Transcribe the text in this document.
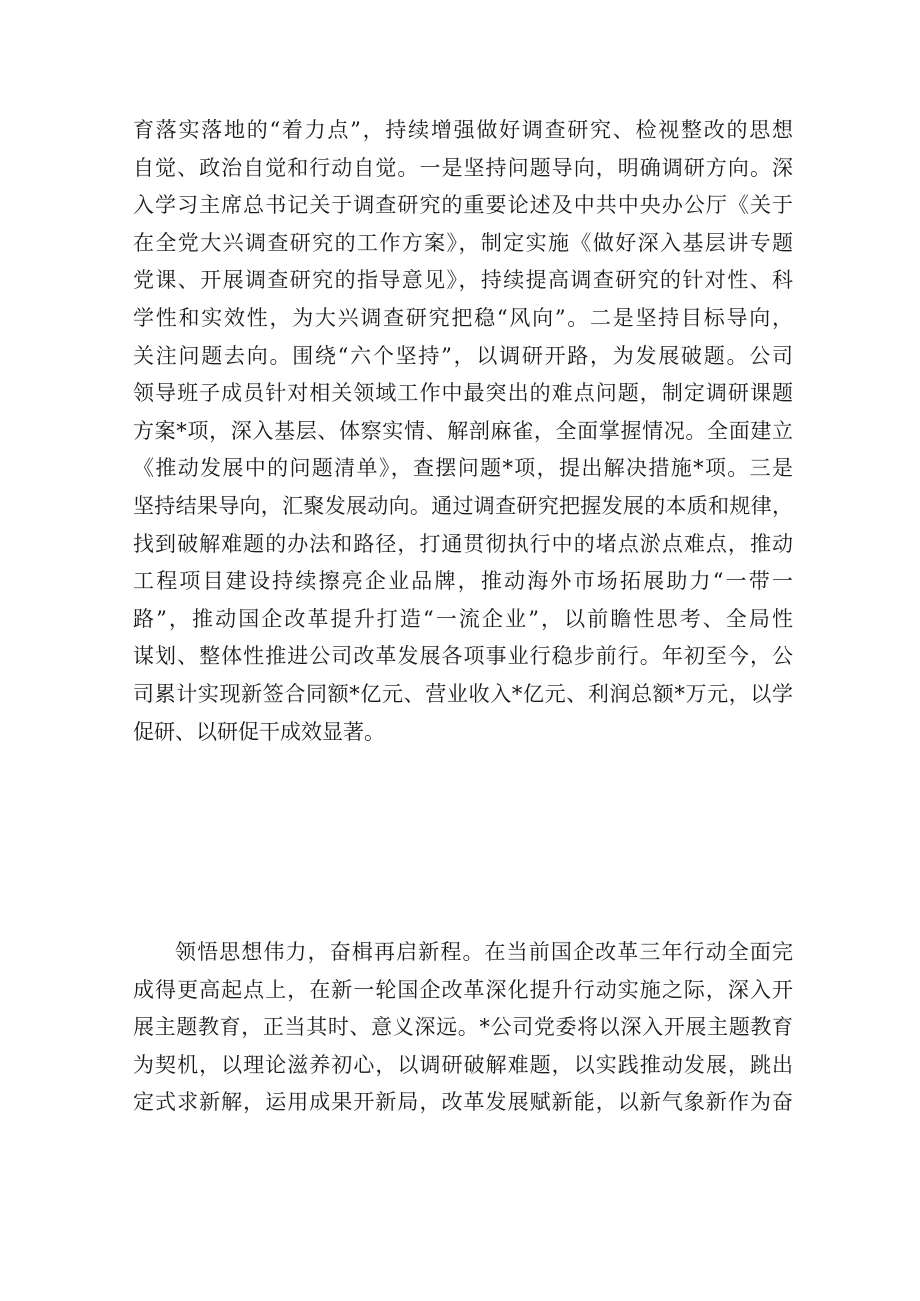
育落实落地的“着力点”，持续增强做好调查研究、检视整改的思想
自觉、政治自觉和行动自觉。一是坚持问题导向，明确调研方向。深
入学习主席总书记关于调查研究的重要论述及中共中央办公厅《关于
在全党大兴调查研究的工作方案》，制定实施《做好深入基层讲专题
党课、开展调查研究的指导意见》，持续提高调查研究的针对性、科
学性和实效性，为大兴调查研究把稳“风向”。二是坚持目标导向，
关注问题去向。围绕“六个坚持”，以调研开路，为发展破题。公司
领导班子成员针对相关领域工作中最突出的难点问题，制定调研课题
方案*项，深入基层、体察实情、解剖麻雀，全面掌握情况。全面建立
《推动发展中的问题清单》，查摆问题*项，提出解决措施*项。三是
坚持结果导向，汇聚发展动向。通过调查研究把握发展的本质和规律，
找到破解难题的办法和路径，打通贯彻执行中的堵点淤点难点，推动
工程项目建设持续擦亮企业品牌，推动海外市场拓展助力“一带一
路”，推动国企改革提升打造“一流企业”，以前瞻性思考、全局性
谋划、整体性推进公司改革发展各项事业行稳步前行。年初至今，公
司累计实现新签合同额*亿元、营业收入*亿元、利润总额*万元，以学
促研、以研促干成效显著。
领悟思想伟力，奋楫再启新程。在当前国企改革三年行动全面完
成得更高起点上，在新一轮国企改革深化提升行动实施之际，深入开
展主题教育，正当其时、意义深远。*公司党委将以深入开展主题教育
为契机，以理论滋养初心，以调研破解难题，以实践推动发展，跳出
定式求新解，运用成果开新局，改革发展赋新能，以新气象新作为奋
